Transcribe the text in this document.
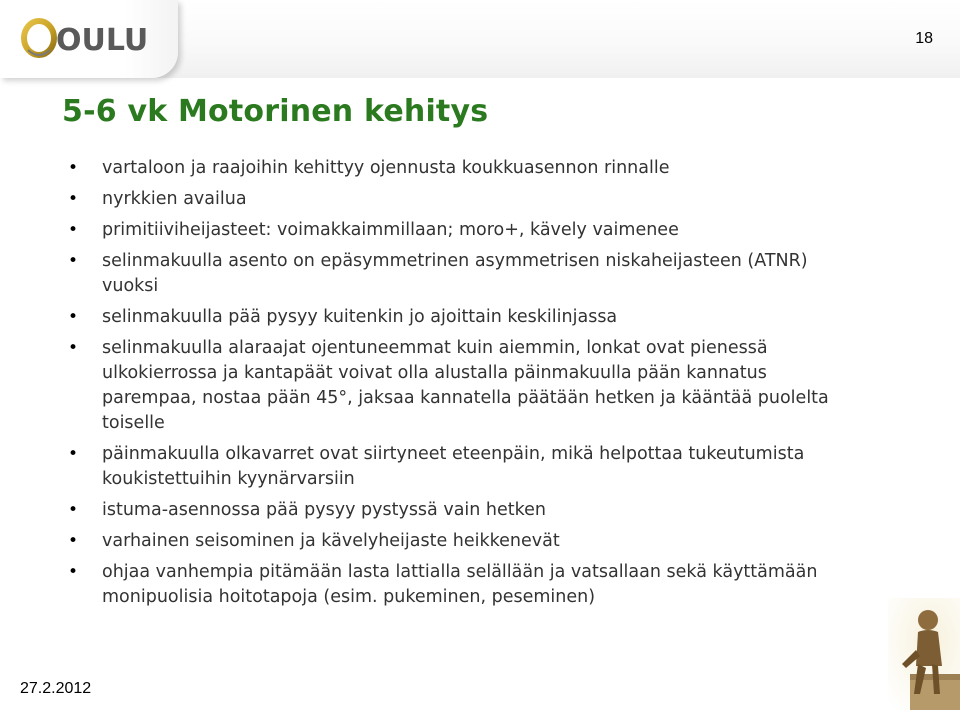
OULU	18
5-6 vk Motorinen kehitys
• vartaloon ja raajoihin kehittyy ojennusta koukkuasennon rinnalle
• nyrkkien availua
• primitiiviheijasteet: voimakkaimmillaan; moro+, kävely vaimenee
• selinmakuulla asento on epäsymmetrinen asymmetrisen niskaheijasteen (ATNR) vuoksi
• selinmakuulla pää pysyy kuitenkin jo ajoittain keskilinjassa
• selinmakuulla alaraajat ojentuneemmat kuin aiemmin, lonkat ovat pienessä ulkokierrossa ja kantapäät voivat olla alustalla päinmakuulla pään kannatus parempaa, nostaa pään 45°, jaksaa kannatella päätään hetken ja kääntää puolelta toiselle
• päinmakuulla olkavarret ovat siirtyneet eteenpäin, mikä helpottaa tukeutumista koukistettuihin kyynärvarsiin
• istuma-asennossa pää pysyy pystyssä vain hetken
• varhainen seisominen ja kävelyheijaste heikkenevät
• ohjaa vanhempia pitämään lasta lattialla selällään ja vatsallaan sekä käyttämään monipuolisia hoitotapoja (esim. pukeminen, peseminen)
27.2.2012
